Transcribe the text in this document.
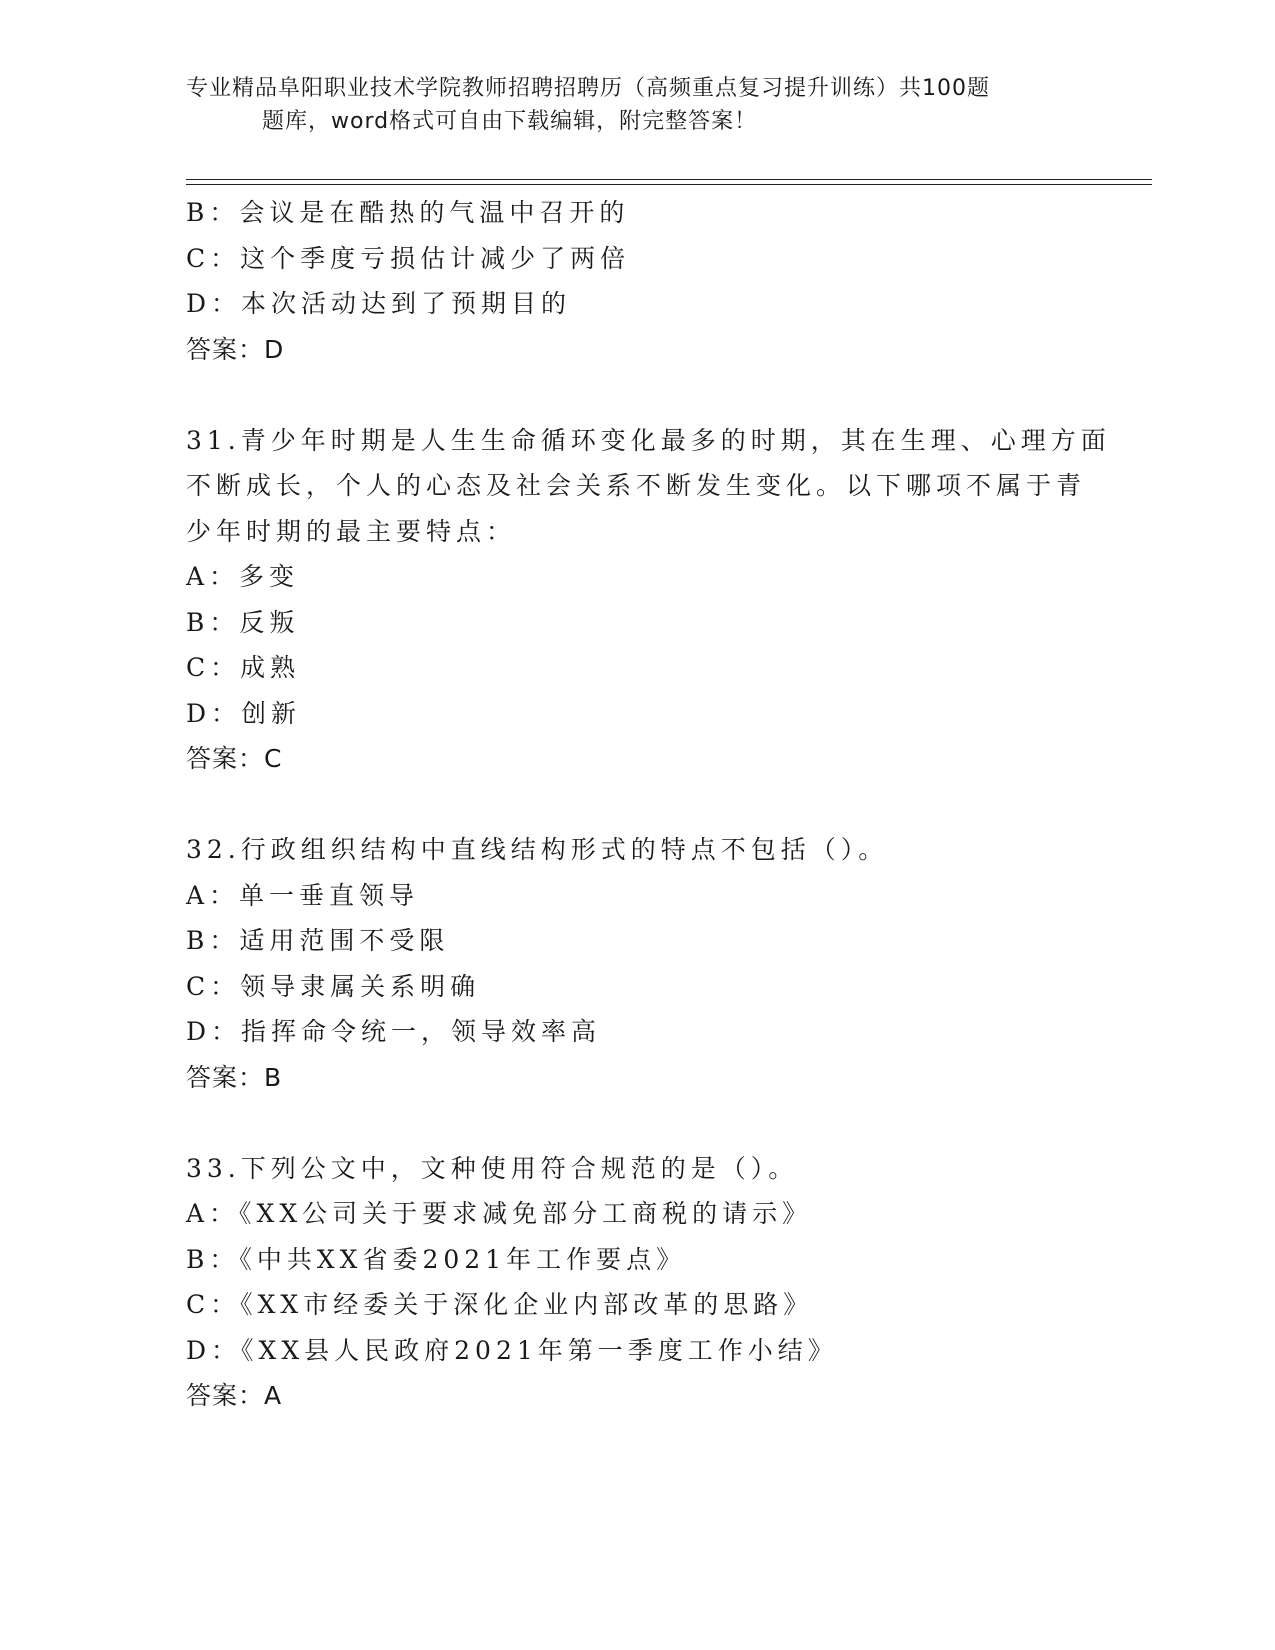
专业精品阜阳职业技术学院教师招聘招聘历（高频重点复习提升训练）共100题
题库，word格式可自由下载编辑，附完整答案！
B：会议是在酷热的气温中召开的
C：这个季度亏损估计减少了两倍
D：本次活动达到了预期目的
答案：D
31.青少年时期是人生生命循环变化最多的时期，其在生理、心理方面
不断成长，个人的心态及社会关系不断发生变化。以下哪项不属于青
少年时期的最主要特点：
A：多变
B：反叛
C：成熟
D：创新
答案：C
32.行政组织结构中直线结构形式的特点不包括（）。
A：单一垂直领导
B：适用范围不受限
C：领导隶属关系明确
D：指挥命令统一，领导效率高
答案：B
33.下列公文中，文种使用符合规范的是（）。
A：《XX公司关于要求减免部分工商税的请示》
B：《中共XX省委2021年工作要点》
C：《XX市经委关于深化企业内部改革的思路》
D：《XX县人民政府2021年第一季度工作小结》
答案：A
